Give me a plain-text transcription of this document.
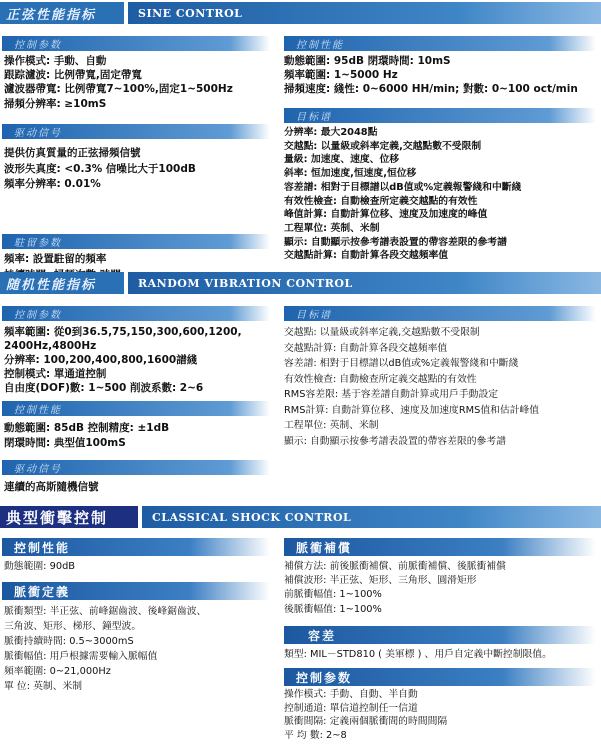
正弦性能指标	SINE CONTROL
控制参数
操作模式: 手動、自動
跟踪濾波: 比例帶寬,固定帶寬
濾波器帶寬: 比例帶寬7~100%,固定1~500Hz
掃頻分辨率: ≥10mS
驱动信号
提供仿真質量的正弦掃頻信號
波形失真度: <0.3% 信噪比大于100dB
頻率分辨率: 0.01%
駐留参数
頻率: 設置駐留的頻率
控制性能
動態範圍: 95dB 閉環時間: 10mS
頻率範圍: 1~5000 Hz
掃頻速度: 綫性: 0~6000 HH/min; 對數: 0~100 oct/min
目标谱
分辨率: 最大2048點
交越點: 以量級或斜率定義,交越點數不受限制
量級: 加速度、速度、位移
斜率: 恒加速度,恒速度,恒位移
容差譜: 相對于目標譜以dB值或%定義報警綫和中斷綫
有效性檢查: 自動檢查所定義交越點的有效性
峰值計算: 自動計算位移、速度及加速度的峰值
工程單位: 英制、米制
顯示: 自動顯示按參考譜表設置的帶容差限的參考譜
交越點計算: 自動計算各段交越頻率值
随机性能指标	RANDOM VIBRATION CONTROL
控制参数
頻率範圍: 從0到36.5,75,150,300,600,1200,
2400Hz,4800Hz
分辨率: 100,200,400,800,1600譜綫
控制模式: 單通道控制
自由度(DOF)數: 1~500 削波系數: 2~6
控制性能
動態範圍: 85dB 控制精度: ±1dB
閉環時間: 典型值100mS
驱动信号
連續的高斯隨機信號
目标谱
交越點: 以量級或斜率定義,交越點數不受限制
交越點計算: 自動計算各段交越頻率值
容差譜: 相對于目標譜以dB值或%定義報警綫和中斷綫
有效性檢查: 自動檢查所定義交越點的有效性
RMS容差限: 基于容差譜自動計算或用戶手動設定
RMS計算: 自動計算位移、速度及加速度RMS值和估計峰值
工程單位: 英制、米制
顯示: 自動顯示按參考譜表設置的帶容差限的參考譜
典型衝擊控制	CLASSICAL SHOCK CONTROL
控制性能
動態範圍: 90dB
脈衝定義
脈衝類型: 半正弦、前峰鋸齒波、後峰鋸齒波、
三角波、矩形、梯形、鐘型波。
脈衝持續時間: 0.5~3000mS
脈衝幅值: 用戶根據需要輸入脈幅值
頻率範圍: 0~21,000Hz
單 位: 英制、米制
脈衝補償
補償方法: 前後脈衝補償、前脈衝補償、後脈衝補償
補償波形: 半正弦、矩形、三角形、圓滑矩形
前脈衝幅值: 1~100%
後脈衝幅值: 1~100%
容差
類型: MIL－STD810 ( 美軍標 ) 、用戶自定義中斷控制限值。
控制参数
操作模式: 手動、自動、半自動
控制通道: 單信道控制任一信道
脈衝間隔: 定義兩個脈衝間的時間間隔
平 均 數: 2~8
